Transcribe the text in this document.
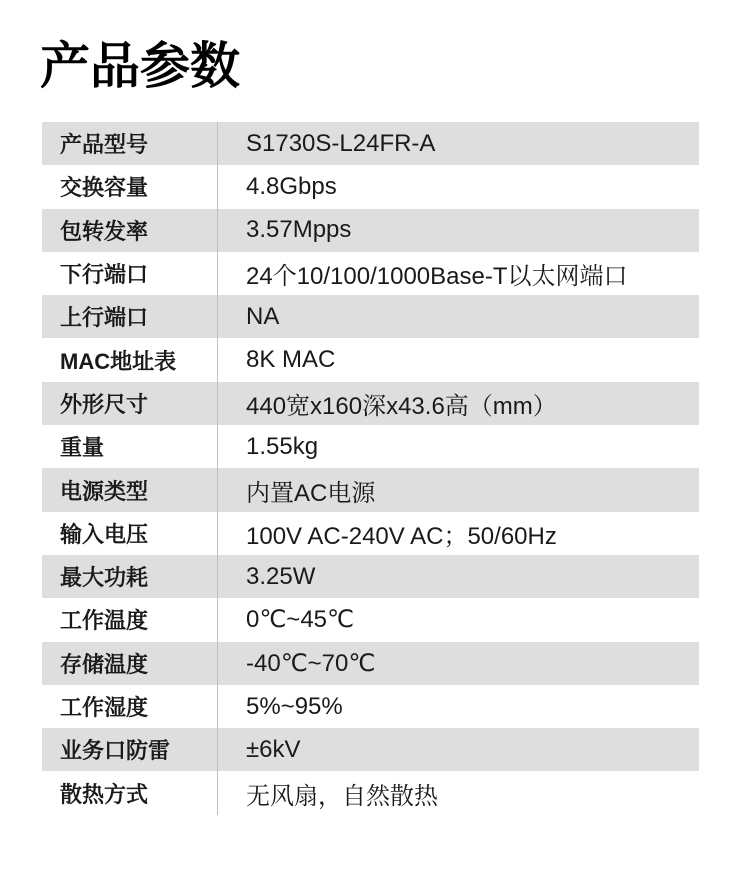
产品参数
产品型号	S1730S-L24FR-A
交换容量	4.8Gbps
包转发率	3.57Mpps
下行端口	24个10/100/1000Base-T以太网端口
上行端口	NA
MAC地址表	8K MAC
外形尺寸	440宽x160深x43.6高（mm）
重量	1.55kg
电源类型	内置AC电源
输入电压	100V AC-240V AC；50/60Hz
最大功耗	3.25W
工作温度	0℃~45℃
存储温度	-40℃~70℃
工作湿度	5%~95%
业务口防雷	±6kV
散热方式	无风扇，自然散热
